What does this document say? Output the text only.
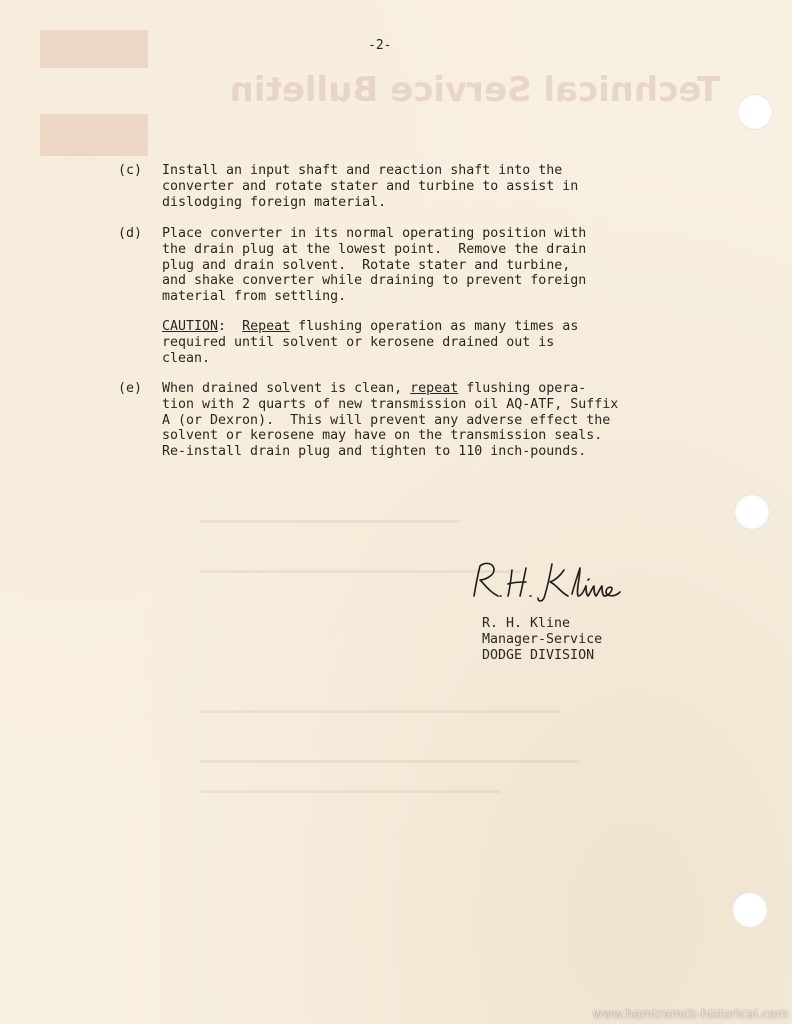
Technical Service Bulletin
-2-
(c) Install an input shaft and reaction shaft into the
converter and rotate stater and turbine to assist in
dislodging foreign material.
(d) Place converter in its normal operating position with
the drain plug at the lowest point.  Remove the drain
plug and drain solvent.  Rotate stater and turbine,
and shake converter while draining to prevent foreign
material from settling.
CAUTION:  Repeat flushing operation as many times as
required until solvent or kerosene drained out is
clean.
(e) When drained solvent is clean, repeat flushing opera-
tion with 2 quarts of new transmission oil AQ-ATF, Suffix
A (or Dexron).  This will prevent any adverse effect the
solvent or kerosene may have on the transmission seals.
Re-install drain plug and tighten to 110 inch-pounds.
R. H. Kline
Manager-Service
DODGE DIVISION
www.hamtramck-historical.com
